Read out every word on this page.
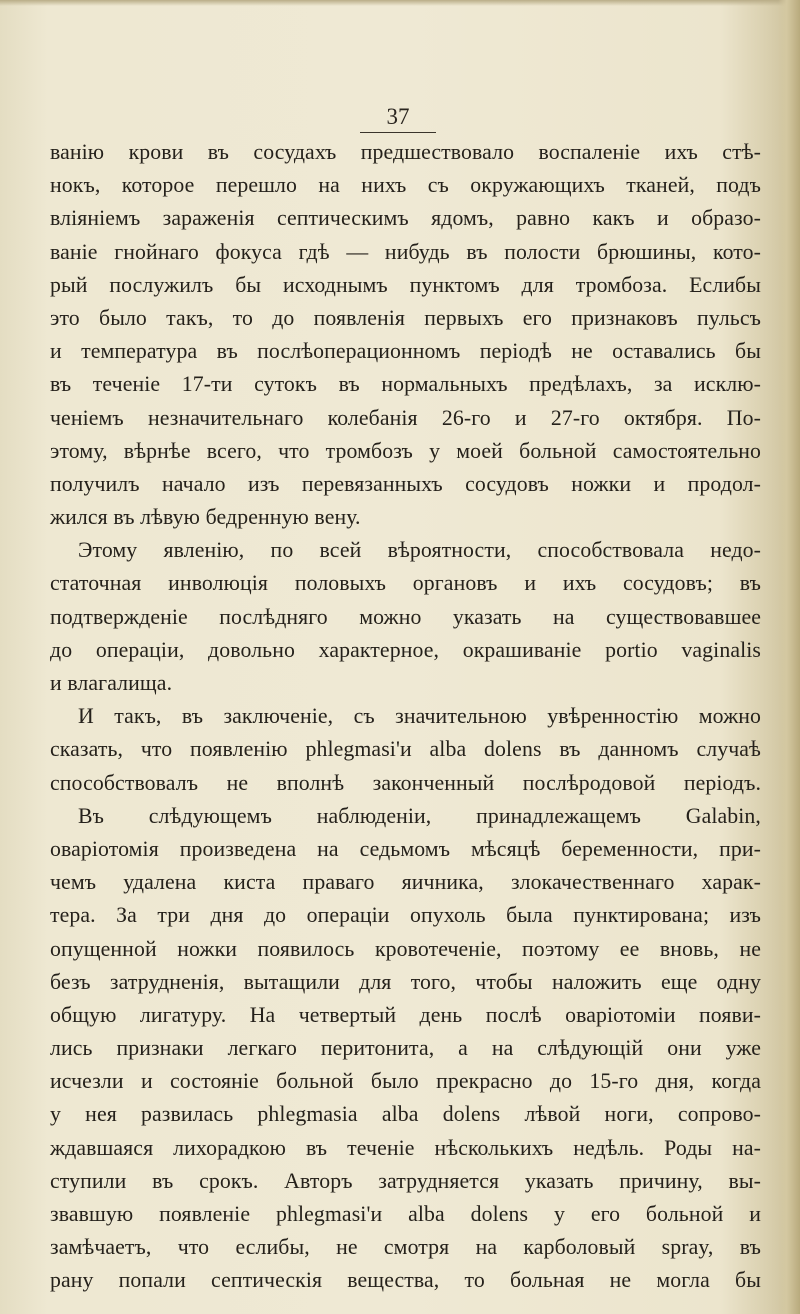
37
ванію крови въ сосудахъ предшествовало воспаленіе ихъ стѣ-
нокъ, которое перешло на нихъ съ окружающихъ тканей, подъ
вліяніемъ зараженія септическимъ ядомъ, равно какъ и образо-
ваніе гнойнаго фокуса гдѣ — нибудь въ полости брюшины, кото-
рый послужилъ бы исходнымъ пунктомъ для тромбоза. Еслибы
это было такъ, то до появленія первыхъ его признаковъ пульсъ
и температура въ послѣоперационномъ періодѣ не оставались бы
въ теченіе 17-ти сутокъ въ нормальныхъ предѣлахъ, за исклю-
ченіемъ незначительнаго колебанія 26-го и 27-го октября. По-
этому, вѣрнѣе всего, что тромбозъ у моей больной самостоятельно
получилъ начало изъ перевязанныхъ сосудовъ ножки и продол-
жился въ лѣвую бедренную вену.
Этому явленію, по всей вѣроятности, способствовала недо-
статочная инволюція половыхъ органовъ и ихъ сосудовъ; въ
подтвержденіе послѣдняго можно указать на существовавшее
до операціи, довольно характерное, окрашиваніе portio vaginalis
и влагалища.
И такъ, въ заключеніе, съ значительною увѣренностію можно
сказать, что появленію phlegmasi'и alba dolens въ данномъ случаѣ
способствовалъ не вполнѣ законченный послѣродовой періодъ.
Въ слѣдующемъ наблюденіи, принадлежащемъ Galabin,
оваріотомія произведена на седьмомъ мѣсяцѣ беременности, при-
чемъ удалена киста праваго яичника, злокачественнаго харак-
тера. За три дня до операціи опухоль была пунктирована; изъ
опущенной ножки появилось кровотеченіе, поэтому ее вновь, не
безъ затрудненія, вытащили для того, чтобы наложить еще одну
общую лигатуру. На четвертый день послѣ оваріотоміи появи-
лись признаки легкаго перитонита, а на слѣдующій они уже
исчезли и состояніе больной было прекрасно до 15-го дня, когда
у нея развилась phlegmasia alba dolens лѣвой ноги, сопрово-
ждавшаяся лихорадкою въ теченіе нѣсколькихъ недѣль. Роды на-
ступили въ срокъ. Авторъ затрудняется указать причину, вы-
звавшую появленіе phlegmasi'и alba dolens у его больной и
замѣчаетъ, что еслибы, не смотря на карболовый spray, въ
рану попали септическія вещества, то больная не могла бы
